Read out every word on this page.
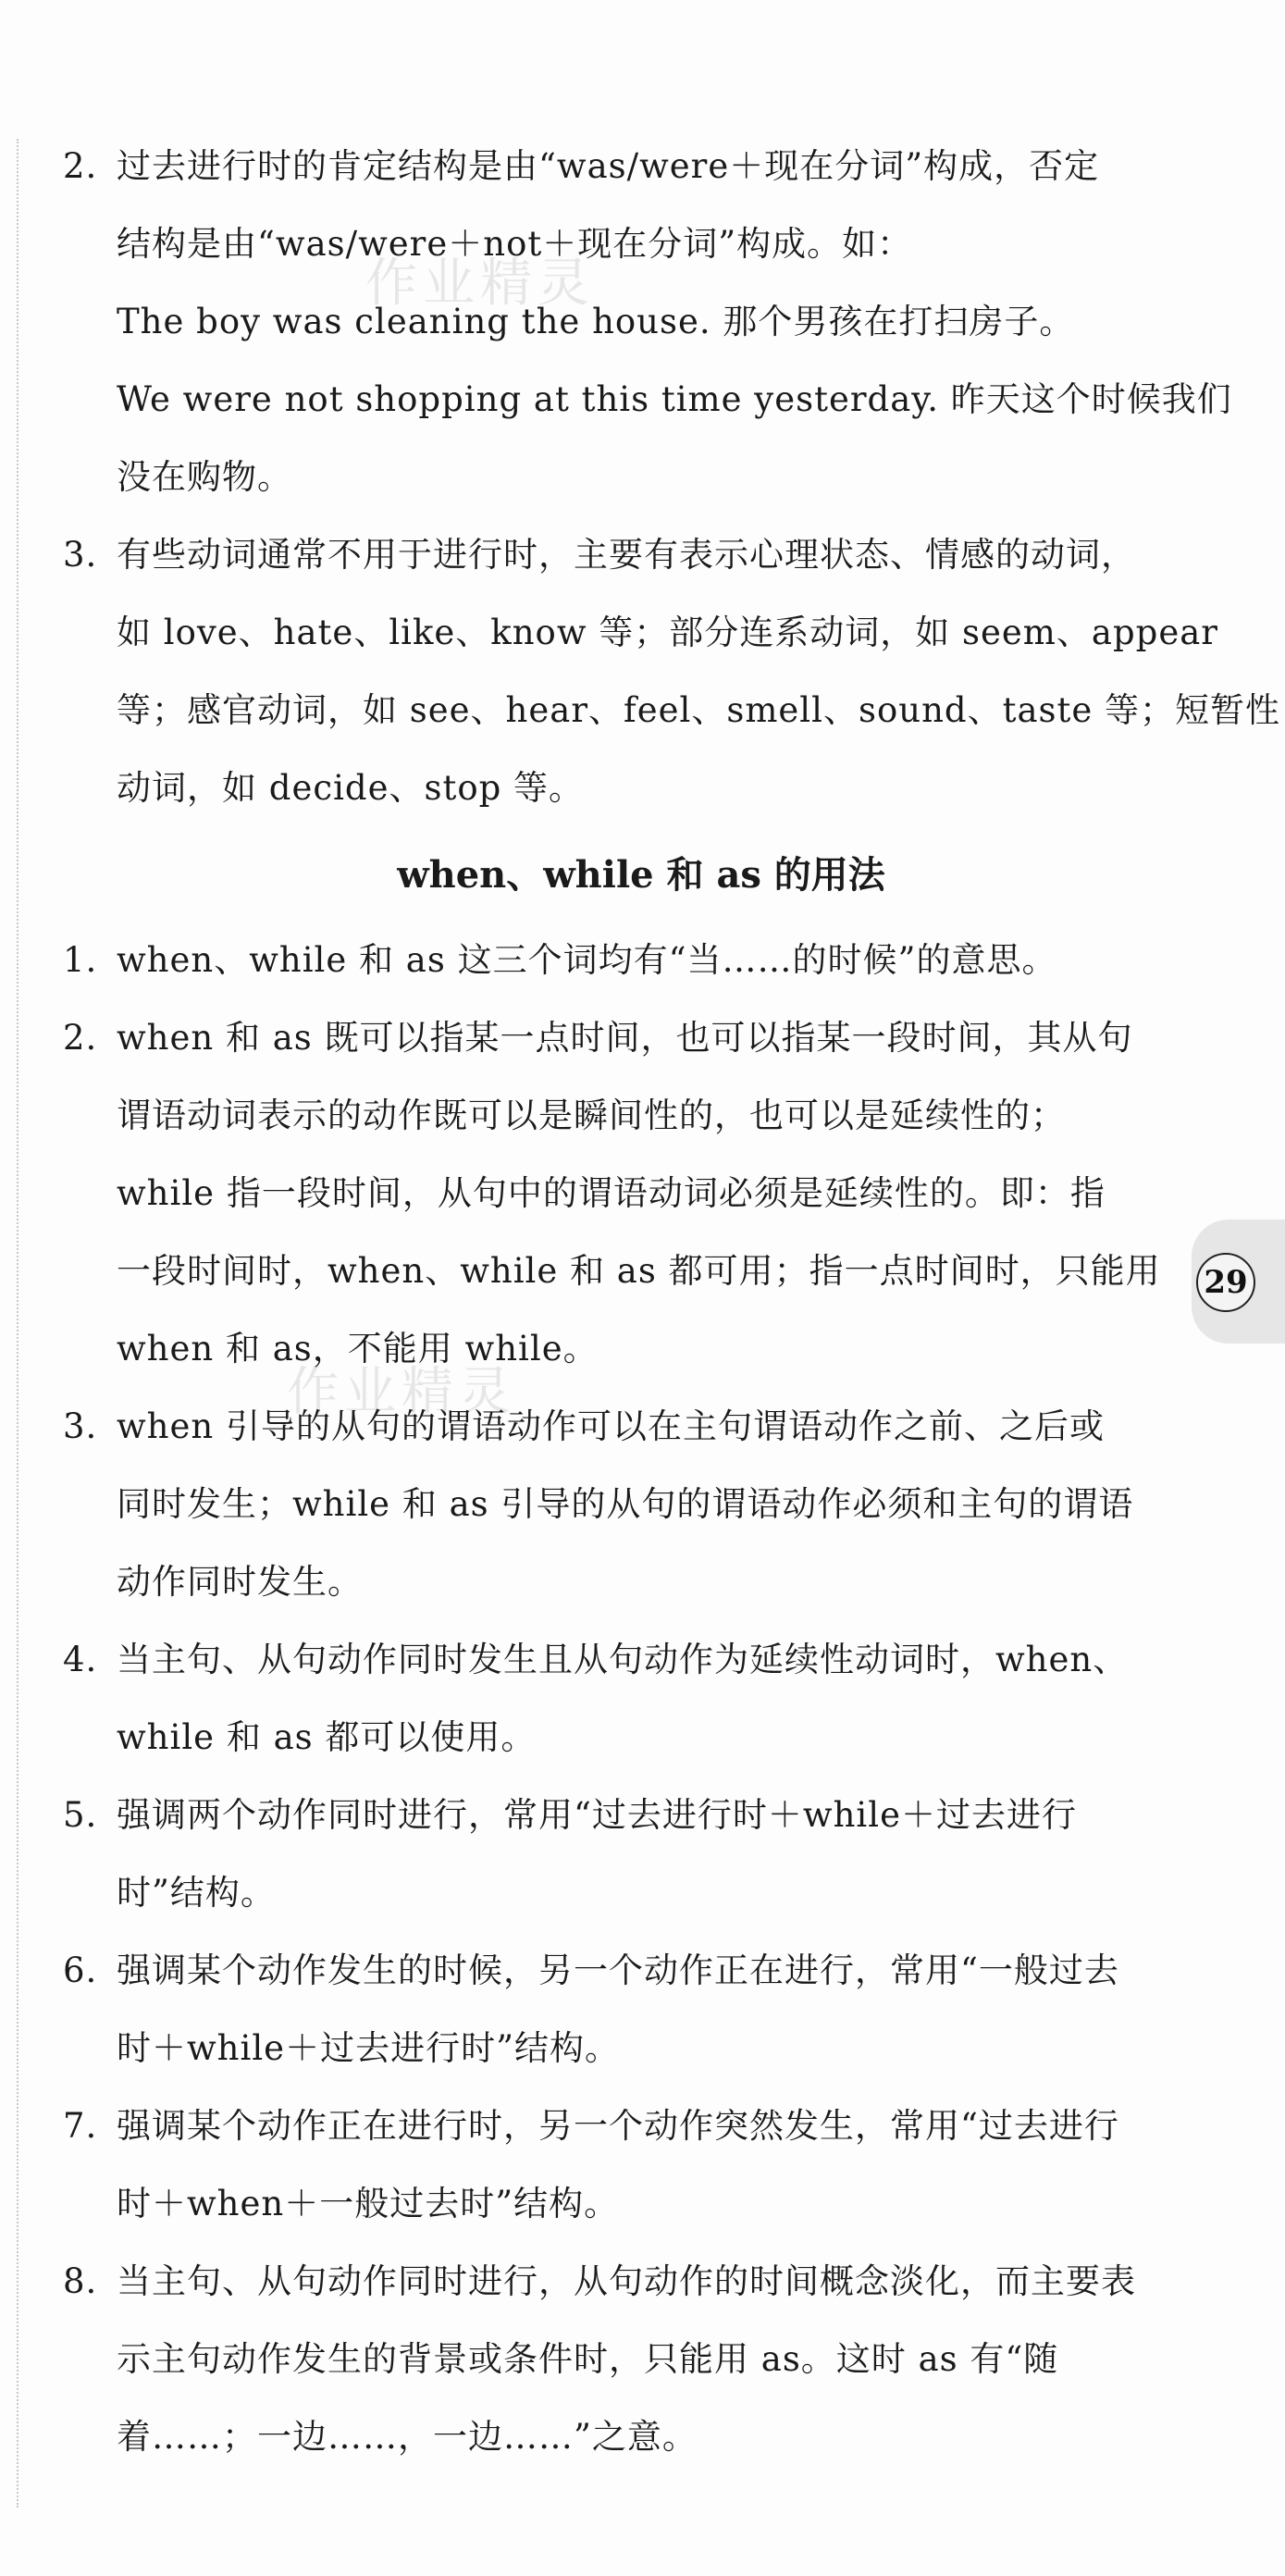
作业精灵
作业精灵
2. 过去进行时的肯定结构是由“was/were＋现在分词”构成，否定
结构是由“was/were＋not＋现在分词”构成。如：
The boy was cleaning the house. 那个男孩在打扫房子。
We were not shopping at this time yesterday. 昨天这个时候我们
没在购物。
3. 有些动词通常不用于进行时，主要有表示心理状态、情感的动词，
如 love、hate、like、know 等；部分连系动词，如 seem、appear
等；感官动词，如 see、hear、feel、smell、sound、taste 等；短暂性
动词，如 decide、stop 等。
when、while 和 as 的用法
1. when、while 和 as 这三个词均有“当……的时候”的意思。
2. when 和 as 既可以指某一点时间，也可以指某一段时间，其从句
谓语动词表示的动作既可以是瞬间性的，也可以是延续性的；
while 指一段时间，从句中的谓语动词必须是延续性的。即：指
一段时间时，when、while 和 as 都可用；指一点时间时，只能用
when 和 as，不能用 while。
3. when 引导的从句的谓语动作可以在主句谓语动作之前、之后或
同时发生；while 和 as 引导的从句的谓语动作必须和主句的谓语
动作同时发生。
4. 当主句、从句动作同时发生且从句动作为延续性动词时，when、
while 和 as 都可以使用。
5. 强调两个动作同时进行，常用“过去进行时＋while＋过去进行
时”结构。
6. 强调某个动作发生的时候，另一个动作正在进行，常用“一般过去
时＋while＋过去进行时”结构。
7. 强调某个动作正在进行时，另一个动作突然发生，常用“过去进行
时＋when＋一般过去时”结构。
8. 当主句、从句动作同时进行，从句动作的时间概念淡化，而主要表
示主句动作发生的背景或条件时，只能用 as。这时 as 有“随
着……；一边……，一边……”之意。
29
